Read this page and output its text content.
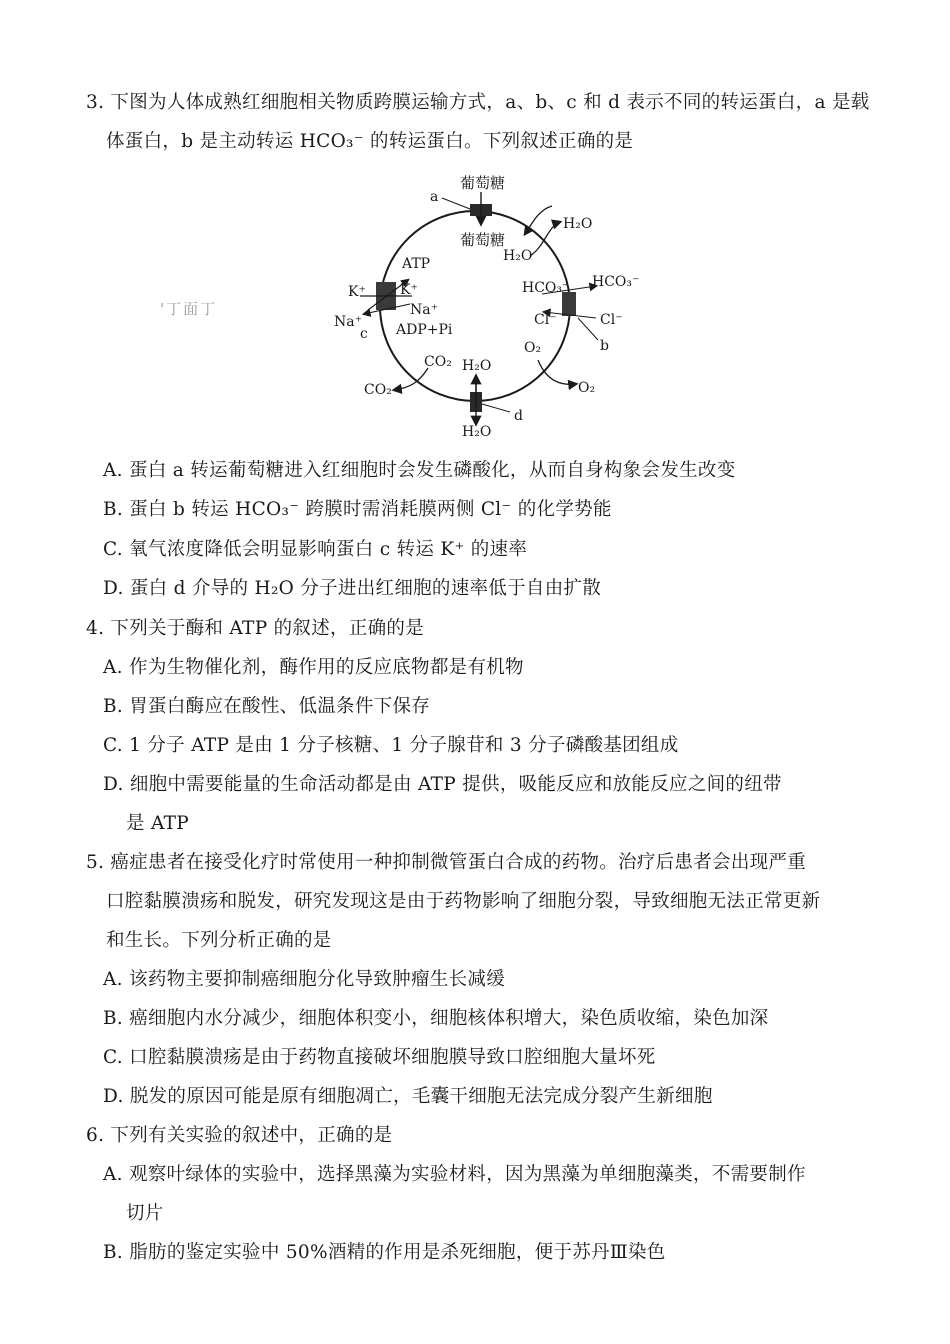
3. 下图为人体成熟红细胞相关物质跨膜运输方式，a、b、c 和 d 表示不同的转运蛋白，a 是载
体蛋白，b 是主动转运 HCO₃⁻ 的转运蛋白。下列叙述正确的是
'丁面丁
葡萄糖
葡萄糖
a
H₂O
H₂O
ATP
K⁺ K⁺
Na⁺
Na⁺
c ADP+Pi
HCO₃⁻ HCO₃⁻
Cl⁻	Cl⁻
b
O₂
O₂
CO₂
CO₂
H₂O
H₂O
d
A. 蛋白 a 转运葡萄糖进入红细胞时会发生磷酸化，从而自身构象会发生改变
B. 蛋白 b 转运 HCO₃⁻ 跨膜时需消耗膜两侧 Cl⁻ 的化学势能
C. 氧气浓度降低会明显影响蛋白 c 转运 K⁺ 的速率
D. 蛋白 d 介导的 H₂O 分子进出红细胞的速率低于自由扩散
4. 下列关于酶和 ATP 的叙述，正确的是
A. 作为生物催化剂，酶作用的反应底物都是有机物
B. 胃蛋白酶应在酸性、低温条件下保存
C. 1 分子 ATP 是由 1 分子核糖、1 分子腺苷和 3 分子磷酸基团组成
D. 细胞中需要能量的生命活动都是由 ATP 提供，吸能反应和放能反应之间的纽带
是 ATP
5. 癌症患者在接受化疗时常使用一种抑制微管蛋白合成的药物。治疗后患者会出现严重
口腔黏膜溃疡和脱发，研究发现这是由于药物影响了细胞分裂，导致细胞无法正常更新
和生长。下列分析正确的是
A. 该药物主要抑制癌细胞分化导致肿瘤生长减缓
B. 癌细胞内水分减少，细胞体积变小，细胞核体积增大，染色质收缩，染色加深
C. 口腔黏膜溃疡是由于药物直接破坏细胞膜导致口腔细胞大量坏死
D. 脱发的原因可能是原有细胞凋亡，毛囊干细胞无法完成分裂产生新细胞
6. 下列有关实验的叙述中，正确的是
A. 观察叶绿体的实验中，选择黑藻为实验材料，因为黑藻为单细胞藻类，不需要制作
切片
B. 脂肪的鉴定实验中 50%酒精的作用是杀死细胞，便于苏丹Ⅲ染色
